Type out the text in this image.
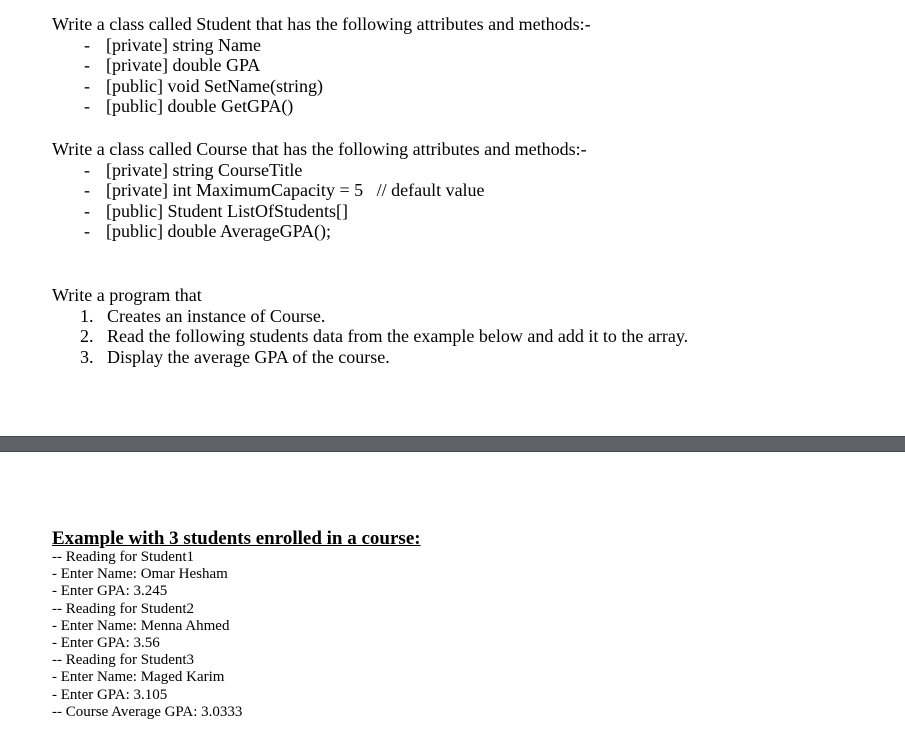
Write a class called Student that has the following attributes and methods:-

- [private] string Name
- [private] double GPA
- [public] void SetName(string)
- [public] double GetGPA()

Write a class called Course that has the following attributes and methods:-

- [private] string CourseTitle
- [private] int MaximumCapacity = 5   // default value
- [public] Student ListOfStudents[]
- [public] double AverageGPA();

Write a program that

1. Creates an instance of Course.
2. Read the following students data from the example below and add it to the array.
3. Display the average GPA of the course.

Example with 3 students enrolled in a course:

-- Reading for Student1
- Enter Name: Omar Hesham
- Enter GPA: 3.245
-- Reading for Student2
- Enter Name: Menna Ahmed
- Enter GPA: 3.56
-- Reading for Student3
- Enter Name: Maged Karim
- Enter GPA: 3.105
-- Course Average GPA: 3.0333
